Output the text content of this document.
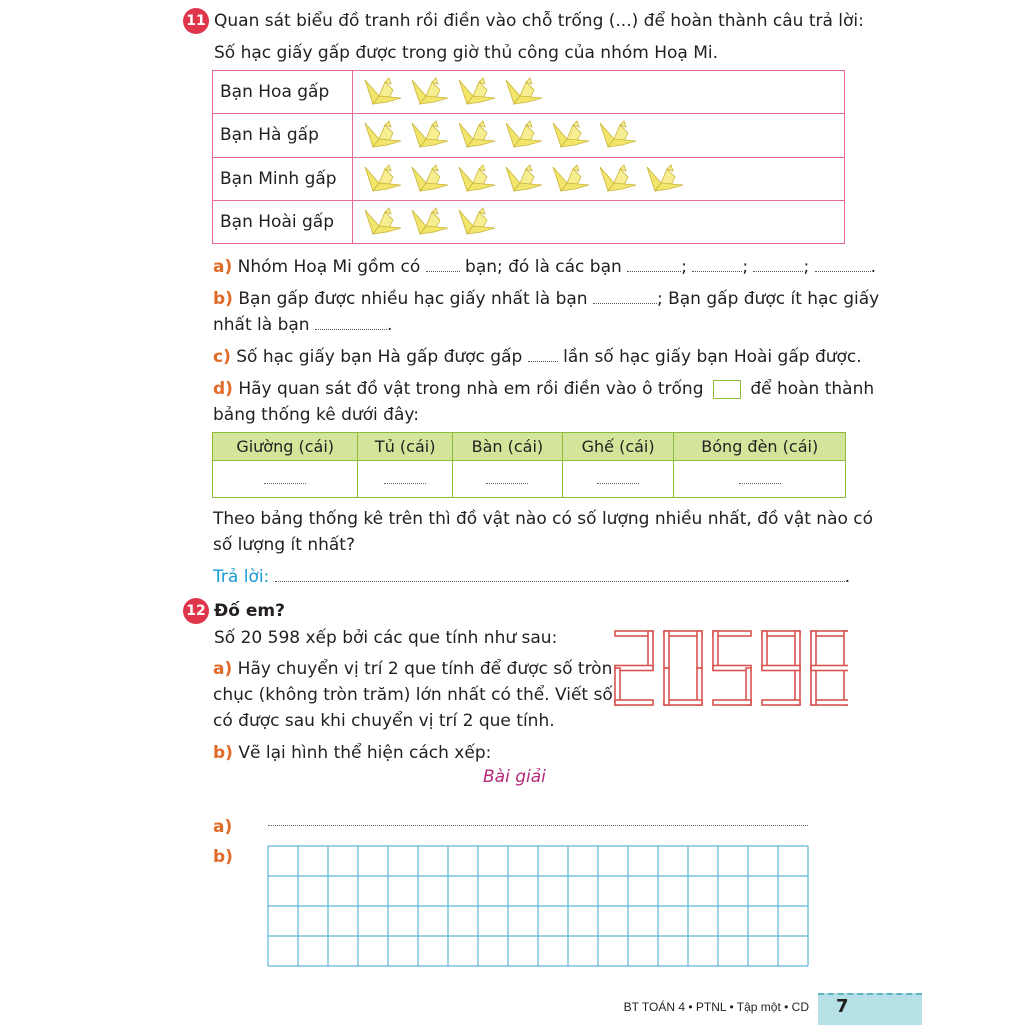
11 Quan sát biểu đồ tranh rồi điền vào chỗ trống (...) để hoàn thành câu trả lời:
Số hạc giấy gấp được trong giờ thủ công của nhóm Hoạ Mi.
Bạn Hoa gấp	

Bạn Hà gấp	

Bạn Minh gấp	

Bạn Hoài gấp	
a) Nhóm Hoạ Mi gồm có	bạn; đó là các bạn	;	;	;	.
b) Bạn gấp được nhiều hạc giấy nhất là bạn	; Bạn gấp được ít hạc giấy
nhất là bạn	.
c) Số hạc giấy bạn Hà gấp được gấp lần số hạc giấy bạn Hoài gấp được.
d) Hãy quan sát đồ vật trong nhà em rồi điền vào ô trống	để hoàn thành
bảng thống kê dưới đây:
Giường (cái)	Tủ (cái)	Bàn (cái)	Ghế (cái)	Bóng đèn (cái)

Theo bảng thống kê trên thì đồ vật nào có số lượng nhiều nhất, đồ vật nào có
số lượng ít nhất?
Trả lời:	.
12 Đố em?
Số 20 598 xếp bởi các que tính như sau:
a) Hãy chuyển vị trí 2 que tính để được số tròn
chục (không tròn trăm) lớn nhất có thể. Viết số
có được sau khi chuyển vị trí 2 que tính.
b) Vẽ lại hình thể hiện cách xếp:
Bài giải
a)
b)
BT TOÁN 4 • PTNL • Tập một • CD 7
